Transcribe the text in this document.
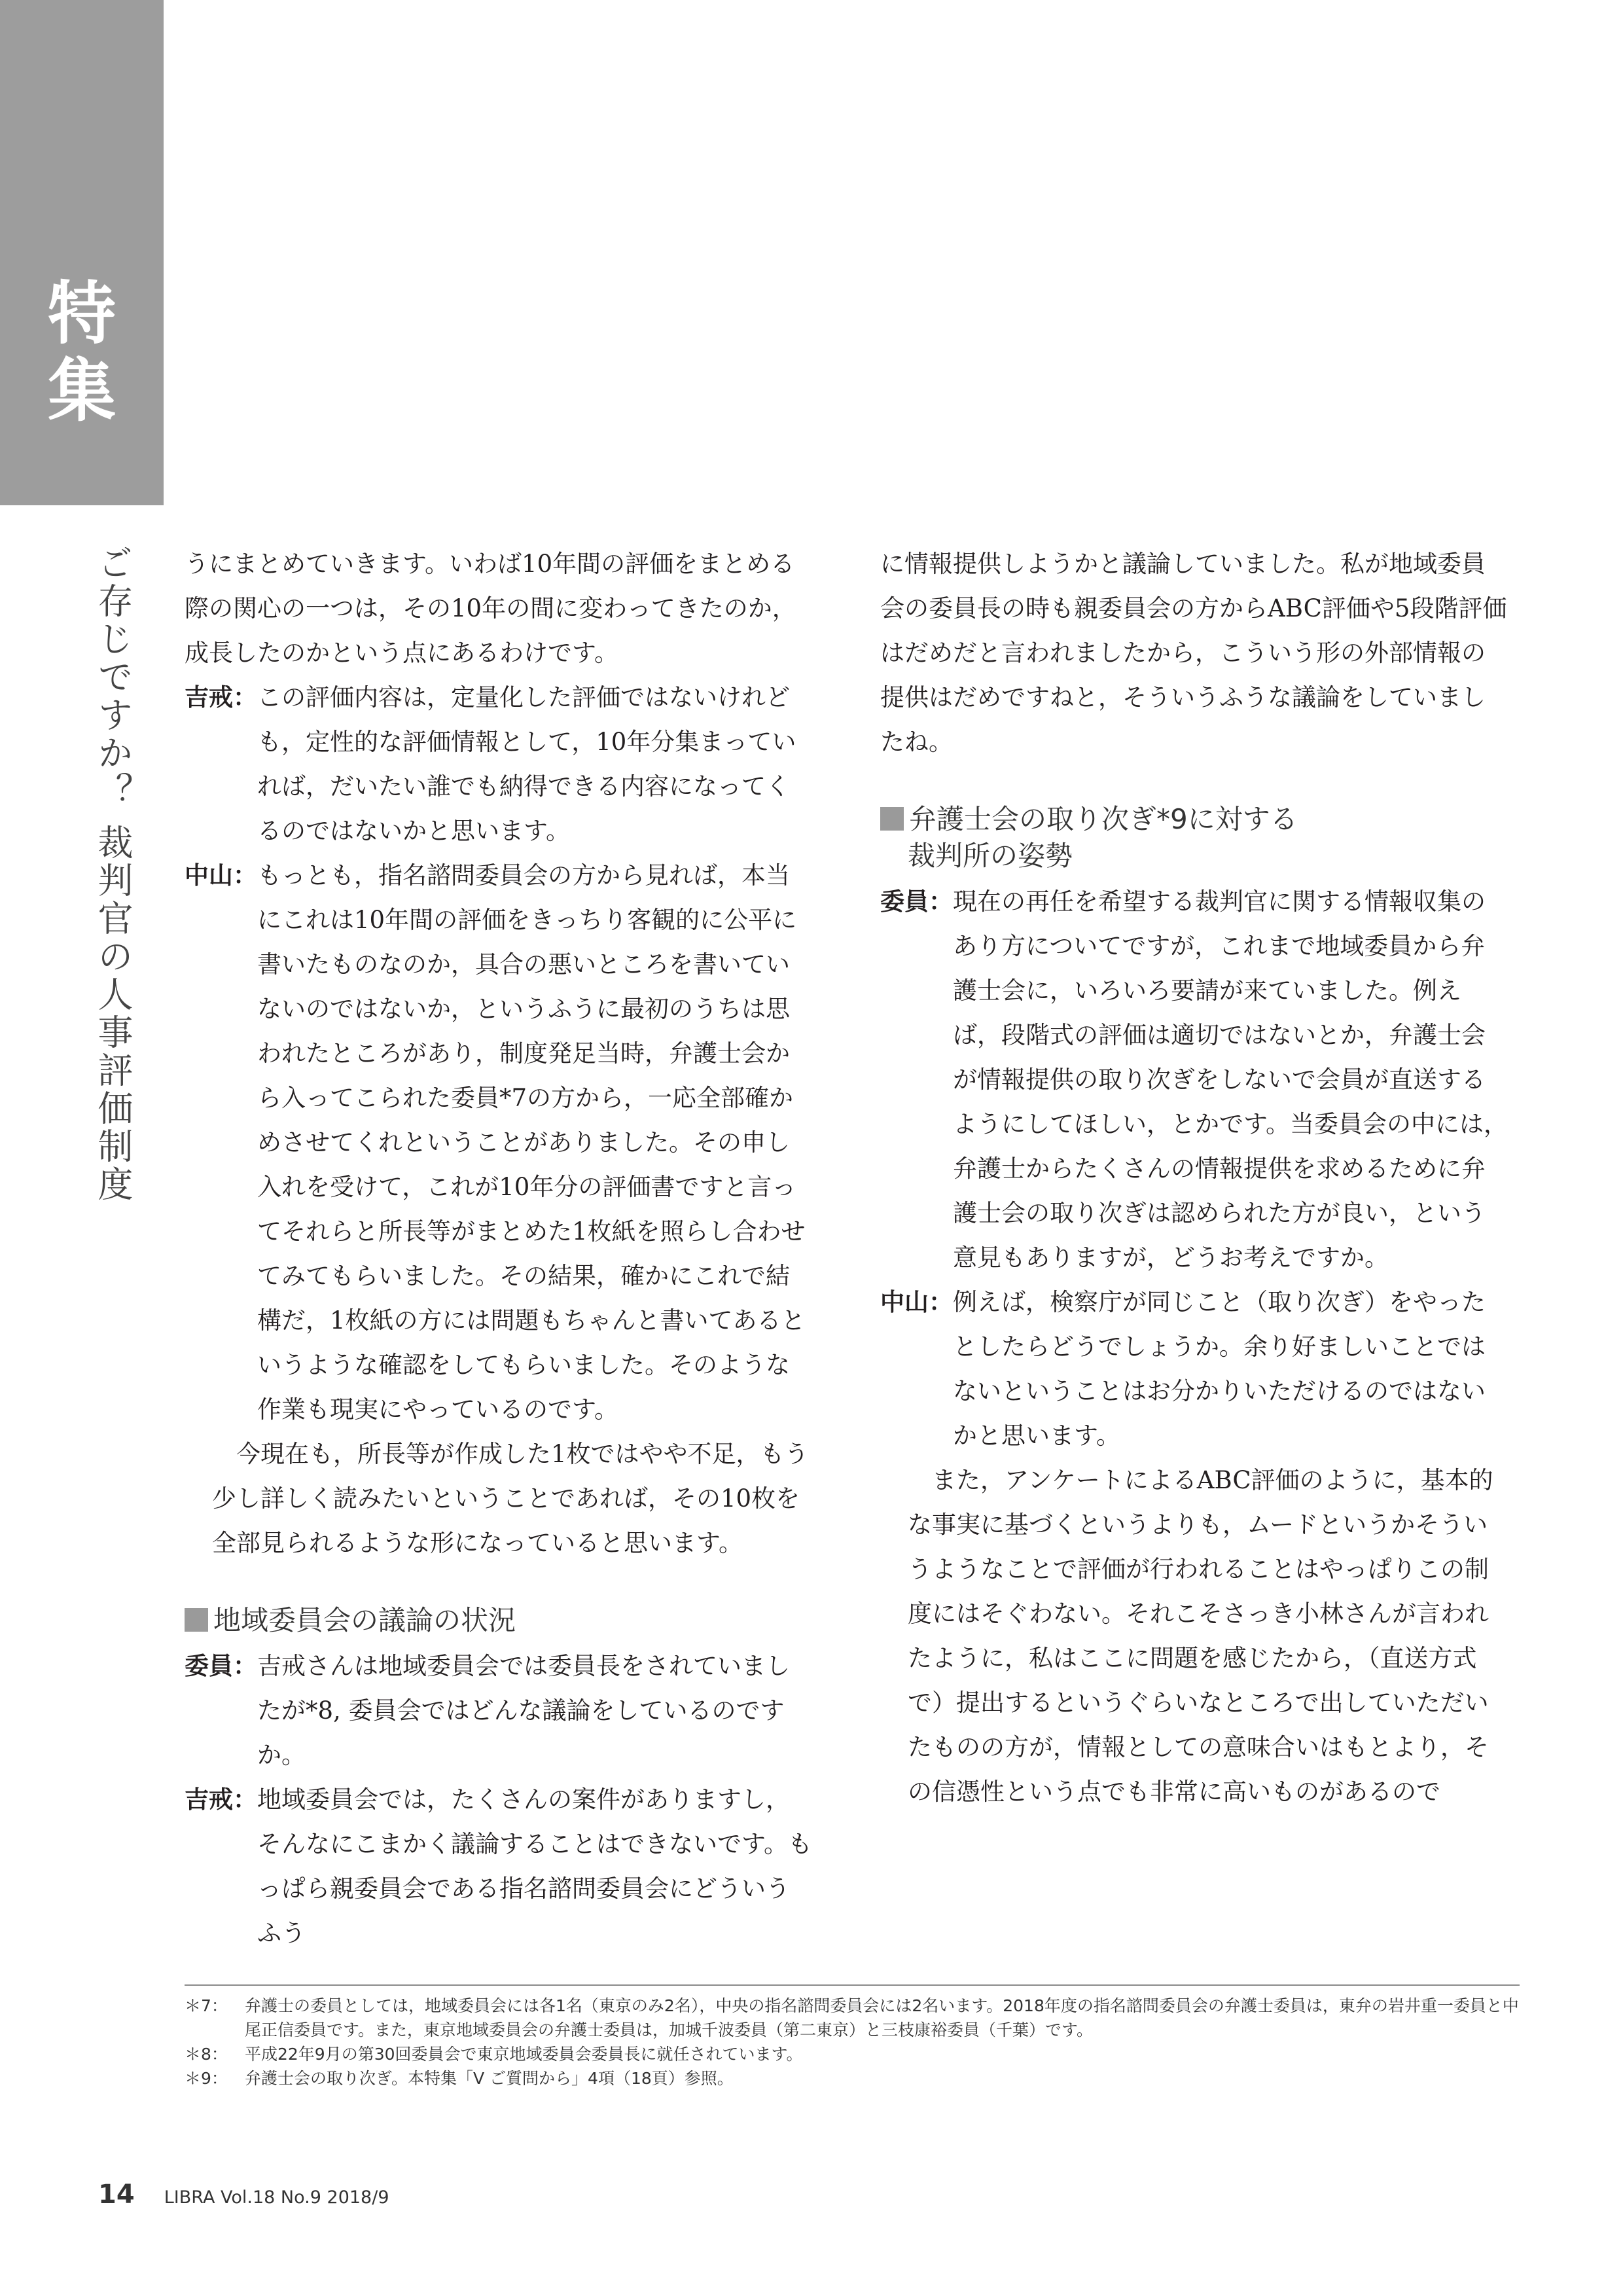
特
集
ご存じですか？ 裁判官の人事評価制度 うにまとめていきます。いわば10年間の評価をまとめる際の関心の一つは，その10年の間に変わってきたのか，成長したのかという点にあるわけです。

吉戒： この評価内容は，定量化した評価ではないけれども，定性的な評価情報として，10年分集まっていれば，だいたい誰でも納得できる内容になってくるのではないかと思います。
中山： もっとも，指名諮問委員会の方から見れば，本当にこれは10年間の評価をきっちり客観的に公平に書いたものなのか，具合の悪いところを書いていないのではないか，というふうに最初のうちは思われたところがあり，制度発足当時，弁護士会から入ってこられた委員*7の方から，一応全部確かめさせてくれということがありました。その申し入れを受けて，これが10年分の評価書ですと言ってそれらと所長等がまとめた1枚紙を照らし合わせてみてもらいました。その結果，確かにこれで結構だ，1枚紙の方には問題もちゃんと書いてあるというような確認をしてもらいました。そのような作業も現実にやっているのです。

今現在も，所長等が作成した1枚ではやや不足，もう少し詳しく読みたいということであれば，その10枚を全部見られるような形になっていると思います。

地域委員会の議論の状況

委員： 吉戒さんは地域委員会では委員長をされていましたが*8, 委員会ではどんな議論をしているのですか。
吉戒： 地域委員会では，たくさんの案件がありますし，そんなにこまかく議論することはできないです。もっぱら親委員会である指名諮問委員会にどういうふう

に情報提供しようかと議論していました。私が地域委員会の委員長の時も親委員会の方からABC評価や5段階評価はだめだと言われましたから，こういう形の外部情報の提供はだめですねと，そういうふうな議論をしていましたね。

弁護士会の取り次ぎ*9に対する

裁判所の姿勢

委員： 現在の再任を希望する裁判官に関する情報収集のあり方についてですが，これまで地域委員から弁護士会に，いろいろ要請が来ていました。例えば，段階式の評価は適切ではないとか，弁護士会が情報提供の取り次ぎをしないで会員が直送するようにしてほしい，とかです。当委員会の中には，弁護士からたくさんの情報提供を求めるために弁護士会の取り次ぎは認められた方が良い，という意見もありますが，どうお考えですか。
中山： 例えば，検察庁が同じこと（取り次ぎ）をやったとしたらどうでしょうか。余り好ましいことではないということはお分かりいただけるのではないかと思います。

また，アンケートによるABC評価のように，基本的な事実に基づくというよりも，ムードというかそういうようなことで評価が行われることはやっぱりこの制度にはそぐわない。それこそさっき小林さんが言われたように，私はここに問題を感じたから，（直送方式で）提出するというぐらいなところで出していただいたものの方が，情報としての意味合いはもとより，その信憑性という点でも非常に高いものがあるので

＊7：	弁護士の委員としては，地域委員会には各1名（東京のみ2名），中央の指名諮問委員会には2名います。2018年度の指名諮問委員会の弁護士委員は，東弁の岩井重一委員と中尾正信委員です。また，東京地域委員会の弁護士委員は，加城千波委員（第二東京）と三枝康裕委員（千葉）です。
＊8：	平成22年9月の第30回委員会で東京地域委員会委員長に就任されています。
＊9：	弁護士会の取り次ぎ。本特集「V ご質問から」4項（18頁）参照。
14 LIBRA Vol.18 No.9 2018/9
